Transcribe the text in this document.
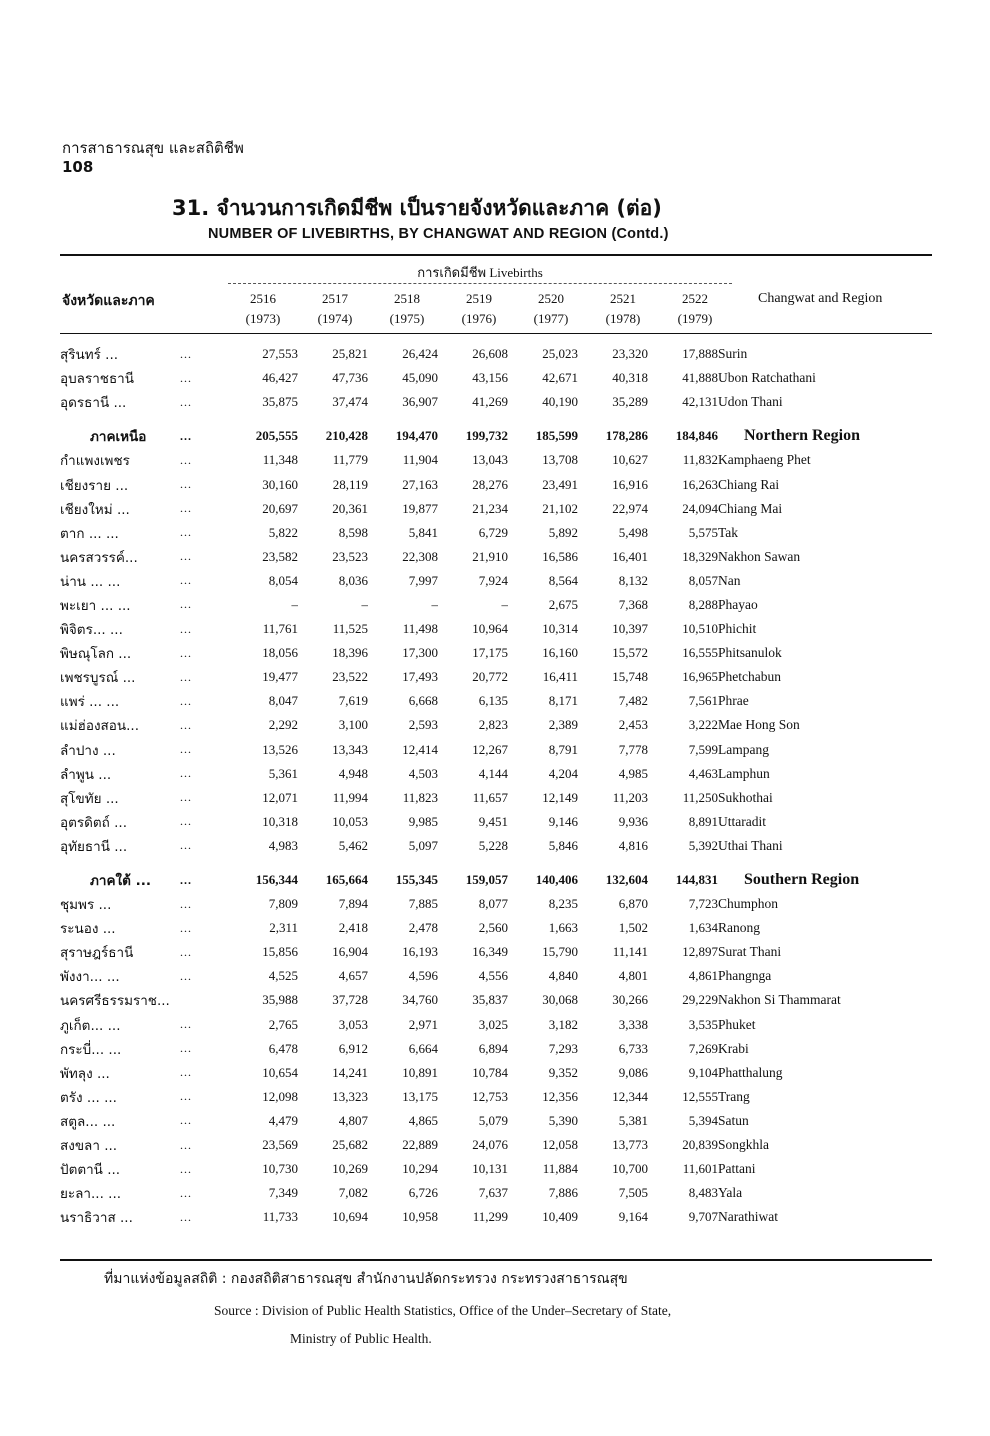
การสาธารณสุข และสถิติชีพ
108
31. จำนวนการเกิดมีชีพ เป็นรายจังหวัดและภาค (ต่อ)
NUMBER OF LIVEBIRTHS, BY CHANGWAT AND REGION (Contd.)
การเกิดมีชีพ Livebirths
จังหวัดและภาค	Changwat and Region
2516
(1973)
2517
(1974)
2518
(1975)
2519
(1976)
2520
(1977)
2521
(1978)
2522
(1979)
สุรินทร์ ...	...	27,553	25,821	26,424	26,608	25,023	23,320	17,888	Surin
อุบลราชธานี	...	46,427	47,736	45,090	43,156	42,671	40,318	41,888	Ubon Ratchathani
อุดรธานี ...	...	35,875	37,474	36,907	41,269	40,190	35,289	42,131	Udon Thani

ภาคเหนือ	...	205,555	210,428	194,470	199,732	185,599	178,286	184,846	Northern Region
กำแพงเพชร	...	11,348	11,779	11,904	13,043	13,708	10,627	11,832	Kamphaeng Phet
เชียงราย ...	...	30,160	28,119	27,163	28,276	23,491	16,916	16,263	Chiang Rai
เชียงใหม่ ...	...	20,697	20,361	19,877	21,234	21,102	22,974	24,094	Chiang Mai
ตาก ... ...	...	5,822	8,598	5,841	6,729	5,892	5,498	5,575	Tak
นครสวรรค์...	...	23,582	23,523	22,308	21,910	16,586	16,401	18,329	Nakhon Sawan
น่าน ... ...	...	8,054	8,036	7,997	7,924	8,564	8,132	8,057	Nan
พะเยา ... ...	...	–	–	–	–	2,675	7,368	8,288	Phayao
พิจิตร... ...	...	11,761	11,525	11,498	10,964	10,314	10,397	10,510	Phichit
พิษณุโลก ...	...	18,056	18,396	17,300	17,175	16,160	15,572	16,555	Phitsanulok
เพชรบูรณ์ ...	...	19,477	23,522	17,493	20,772	16,411	15,748	16,965	Phetchabun
แพร่ ... ...	...	8,047	7,619	6,668	6,135	8,171	7,482	7,561	Phrae
แม่ฮ่องสอน...	...	2,292	3,100	2,593	2,823	2,389	2,453	3,222	Mae Hong Son
ลำปาง ...	...	13,526	13,343	12,414	12,267	8,791	7,778	7,599	Lampang
ลำพูน ...	...	5,361	4,948	4,503	4,144	4,204	4,985	4,463	Lamphun
สุโขทัย ...	...	12,071	11,994	11,823	11,657	12,149	11,203	11,250	Sukhothai
อุตรดิตถ์ ...	...	10,318	10,053	9,985	9,451	9,146	9,936	8,891	Uttaradit
อุทัยธานี ...	...	4,983	5,462	5,097	5,228	5,846	4,816	5,392	Uthai Thani

ภาคใต้ ...	...	156,344	165,664	155,345	159,057	140,406	132,604	144,831	Southern Region
ชุมพร ...	...	7,809	7,894	7,885	8,077	8,235	6,870	7,723	Chumphon
ระนอง ...	...	2,311	2,418	2,478	2,560	1,663	1,502	1,634	Ranong
สุราษฎร์ธานี	...	15,856	16,904	16,193	16,349	15,790	11,141	12,897	Surat Thani
พังงา... ...	...	4,525	4,657	4,596	4,556	4,840	4,801	4,861	Phangnga
นครศรีธรรมราช...		35,988	37,728	34,760	35,837	30,068	30,266	29,229	Nakhon Si Thammarat
ภูเก็ต... ...	...	2,765	3,053	2,971	3,025	3,182	3,338	3,535	Phuket
กระบี่... ...	...	6,478	6,912	6,664	6,894	7,293	6,733	7,269	Krabi
พัทลุง ...	...	10,654	14,241	10,891	10,784	9,352	9,086	9,104	Phatthalung
ตรัง ... ...	...	12,098	13,323	13,175	12,753	12,356	12,344	12,555	Trang
สตูล... ...	...	4,479	4,807	4,865	5,079	5,390	5,381	5,394	Satun
สงขลา ...	...	23,569	25,682	22,889	24,076	12,058	13,773	20,839	Songkhla
ปัตตานี ...	...	10,730	10,269	10,294	10,131	11,884	10,700	11,601	Pattani
ยะลา... ...	...	7,349	7,082	6,726	7,637	7,886	7,505	8,483	Yala
นราธิวาส ...	...	11,733	10,694	10,958	11,299	10,409	9,164	9,707	Narathiwat
ที่มาแห่งข้อมูลสถิติ : กองสถิติสาธารณสุข สำนักงานปลัดกระทรวง กระทรวงสาธารณสุข
Source : Division of Public Health Statistics, Office of the Under–Secretary of State,
Ministry of Public Health.
